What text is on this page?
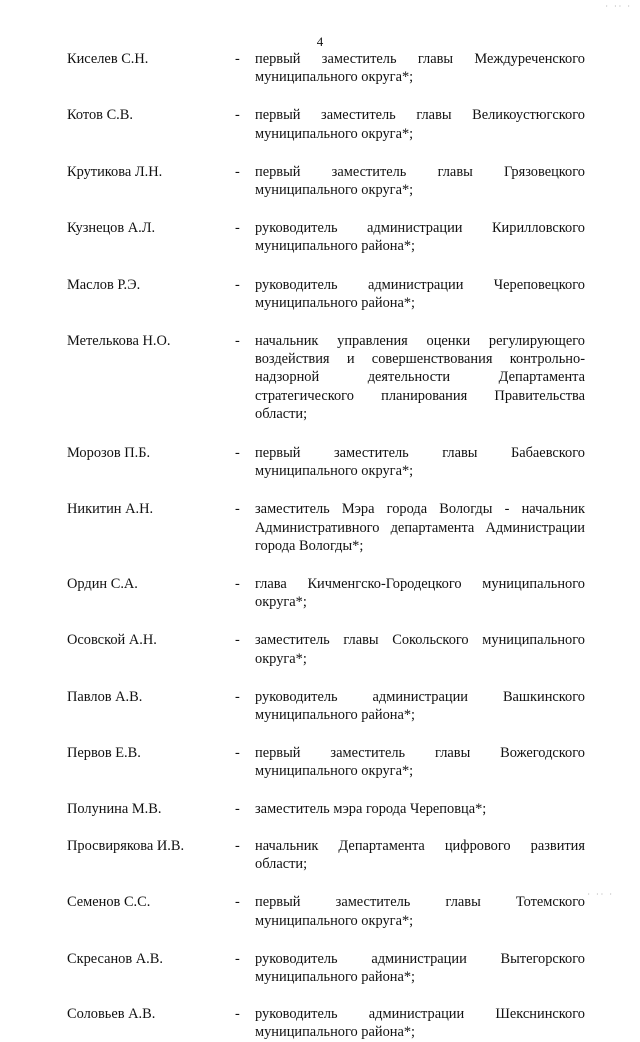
4
· ·· ·
· ·· ·
Киселев С.Н.	-	первый заместитель главы Междуреченского
муниципального округа*;
Котов С.В.	-	первый заместитель главы Великоустюгского
муниципального округа*;
Крутикова Л.Н.	-	первый заместитель главы Грязовецкого
муниципального округа*;
Кузнецов А.Л.	-	руководитель администрации Кирилловского
муниципального района*;
Маслов Р.Э.	-	руководитель администрации Череповецкого
муниципального района*;
Метелькова Н.О.	-	начальник управления оценки регулирующего
воздействия и совершенствования контрольно-
надзорной деятельности Департамента
стратегического планирования Правительства
области;
Морозов П.Б.	-	первый заместитель главы Бабаевского
муниципального округа*;
Никитин А.Н.	-	заместитель Мэра города Вологды - начальник
Административного департамента Администрации
города Вологды*;
Ордин С.А.	-	глава Кичменгско-Городецкого муниципального
округа*;
Осовской А.Н.	-	заместитель главы Сокольского муниципального
округа*;
Павлов А.В.	-	руководитель администрации Вашкинского
муниципального района*;
Первов Е.В.	-	первый заместитель главы Вожегодского
муниципального округа*;
Полунина М.В.	-	заместитель мэра города Череповца*;
Просвирякова И.В.	-	начальник Департамента цифрового развития
области;
Семенов С.С.	-	первый заместитель главы Тотемского
муниципального округа*;
Скресанов А.В.	-	руководитель администрации Вытегорского
муниципального района*;
Соловьев А.В.	-	руководитель администрации Шекснинского
муниципального района*;
